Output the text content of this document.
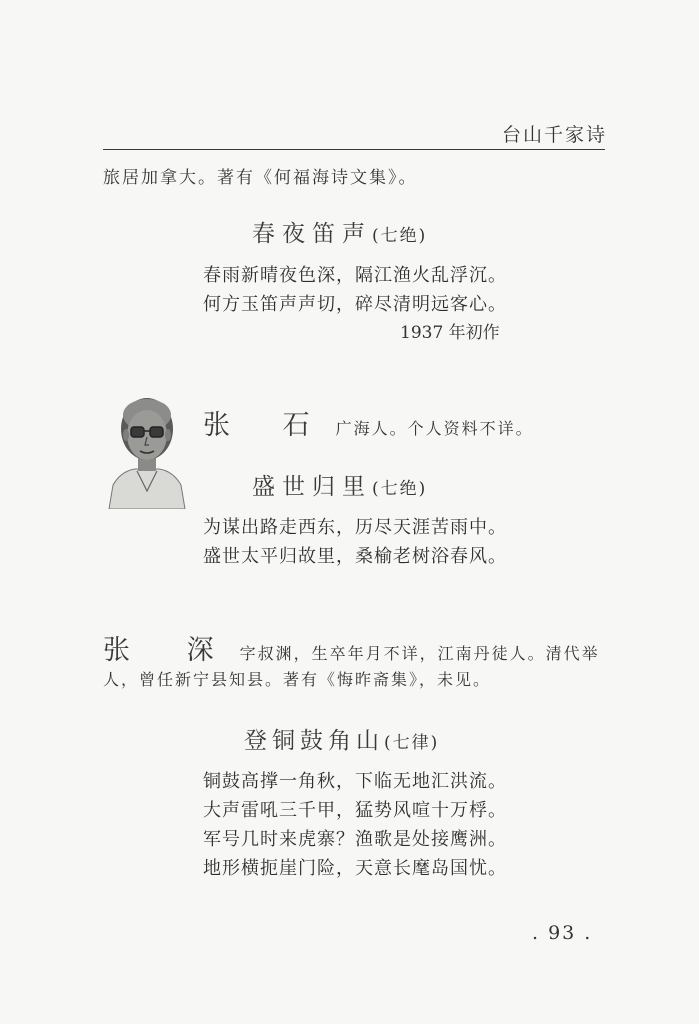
台山千家诗
旅居加拿大。著有《何福海诗文集》。
春夜笛声(七绝)
春雨新晴夜色深，隔江渔火乱浮沉。
何方玉笛声声切，碎尽清明远客心。
1937 年初作
张 石 广海人。个人资料不详。
盛世归里(七绝)
为谋出路走西东，历尽天涯苦雨中。
盛世太平归故里，桑榆老树浴春风。
张 深 字叔渊，生卒年月不详，江南丹徒人。清代举
人，曾任新宁县知县。著有《悔昨斋集》，未见。
登铜鼓角山(七律)
铜鼓高撑一角秋，下临无地汇洪流。
大声雷吼三千甲，猛势风喧十万桴。
军号几时来虎寨？渔歌是处接鹰洲。
地形横扼崖门险，天意长麾岛国忧。
. 93 .
